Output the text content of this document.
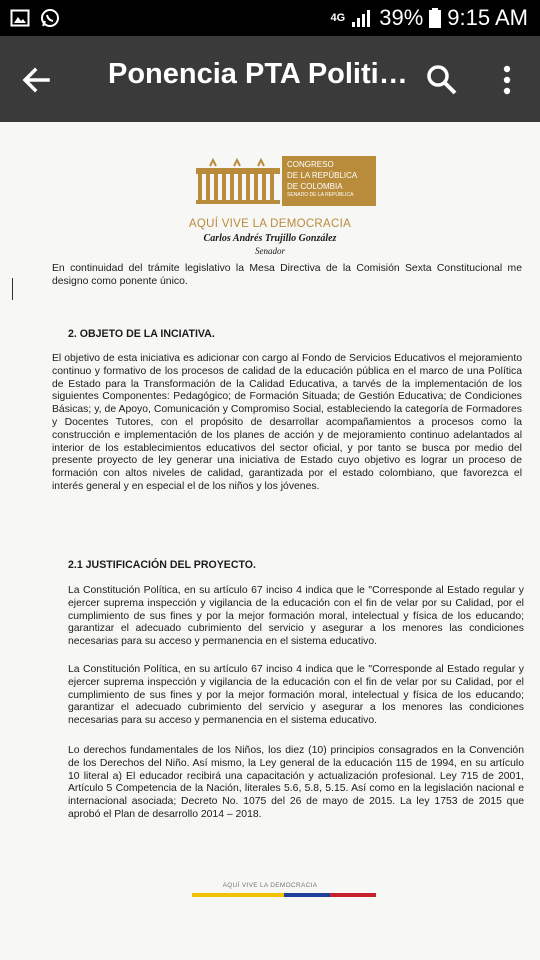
4G 39% 9:15 AM
Ponencia PTA Politi…
CONGRESO
DE LA REPÚBLICA
DE COLOMBIA
SENADO DE LA REPÚBLICA
AQUÍ VIVE LA DEMOCRACIA
Carlos Andrés Trujillo González
Senador
En continuidad del trámite legislativo la Mesa Directiva de la Comisión Sexta Constitucional me designo como ponente único.
2. OBJETO DE LA INCIATIVA.
El objetivo de esta iniciativa es adicionar con cargo al Fondo de Servicios Educativos el mejoramiento continuo y formativo de los procesos de calidad de la educación pública en el marco de una Política de Estado para la Transformación de la Calidad Educativa, a tarvés de la implementación de los siguientes Componentes: Pedagógico; de Formación Situada; de Gestión Educativa; de Condiciones Básicas; y, de Apoyo, Comunicación y Compromiso Social, estableciendo la categoría de Formadores y Docentes Tutores, con el propósito de desarrollar acompañamientos a procesos como la construcción e implementación de los planes de acción y de mejoramiento continuo adelantados al interior de los establecimientos educativos del sector oficial, y por tanto se busca por medio del presente proyecto de ley generar una iniciativa de Estado cuyo objetivo es lograr un proceso de formación con altos niveles de calidad, garantizada por el estado colombiano, que favorezca el interés general y en especial el de los niños y los jóvenes.
2.1 JUSTIFICACIÓN DEL PROYECTO.
La Constitución Política, en su artículo 67 inciso 4 indica que le "Corresponde al Estado regular y ejercer suprema inspección y vigilancia de la educación con el fin de velar por su Calidad, por el cumplimiento de sus fines y por la mejor formación moral, intelectual y física de los educando; garantizar el adecuado cubrimiento del servicio y asegurar a los menores las condiciones necesarias para su acceso y permanencia en el sistema educativo.
La Constitución Política, en su artículo 67 inciso 4 indica que le "Corresponde al Estado regular y ejercer suprema inspección y vigilancia de la educación con el fin de velar por su Calidad, por el cumplimiento de sus fines y por la mejor formación moral, intelectual y física de los educando; garantizar el adecuado cubrimiento del servicio y asegurar a los menores las condiciones necesarias para su acceso y permanencia en el sistema educativo.
Lo derechos fundamentales de los Niños, los diez (10) principios consagrados en la Convención de los Derechos del Niño. Así mismo, la Ley general de la educación 115 de 1994, en su artículo 10 literal a) El educador recibirá una capacitación y actualización profesional. Ley 715 de 2001, Artículo 5 Competencia de la Nación, literales 5.6, 5.8, 5.15. Así como en la legislación nacional e internacional asociada; Decreto No. 1075 del 26 de mayo de 2015. La ley 1753 de 2015 que aprobó el Plan de desarrollo 2014 – 2018.
AQUÍ VIVE LA DEMOCRACIA
